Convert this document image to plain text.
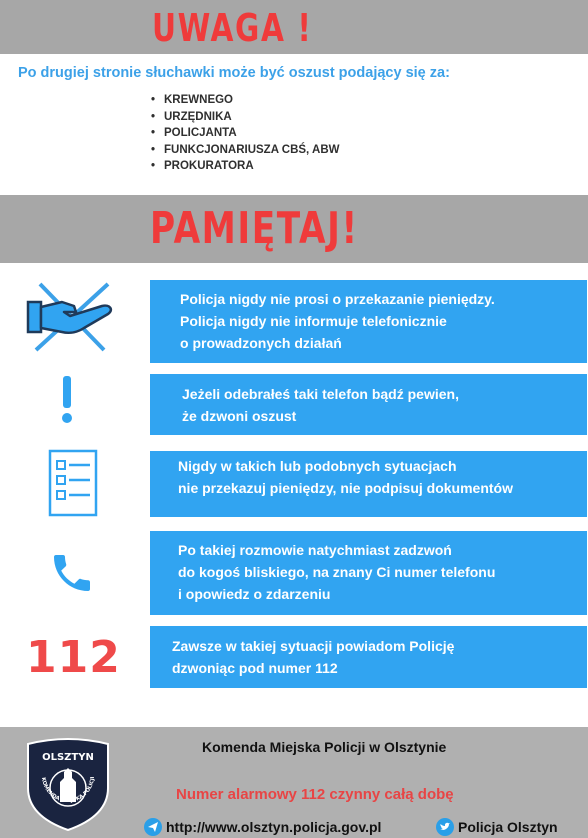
UWAGA !
Po drugiej stronie słuchawki może być oszust podający się za:
• KREWNEGO
• URZĘDNIKA
• POLICJANTA
• FUNKCJONARIUSZA CBŚ, ABW
• PROKURATORA
PAMIĘTAJ!
112
Policja nigdy nie prosi o przekazanie pieniędzy.
Policja nigdy nie informuje telefonicznie
o prowadzonych działań
Jeżeli odebrałeś taki telefon bądź pewien,
że dzwoni oszust
Nigdy w takich lub podobnych sytuacjach
nie przekazuj pieniędzy, nie podpisuj dokumentów
Po takiej rozmowie natychmiast zadzwoń
do kogoś bliskiego, na znany Ci numer telefonu
i opowiedz o zdarzeniu
Zawsze w takiej sytuacji powiadom Policję
dzwoniąc pod numer 112
OLSZTYN
KOMENDA MIEJSKA POLICJI
Komenda Miejska Policji w Olsztynie
Numer alarmowy 112 czynny całą dobę
http://www.olsztyn.policja.gov.pl	Policja Olsztyn
